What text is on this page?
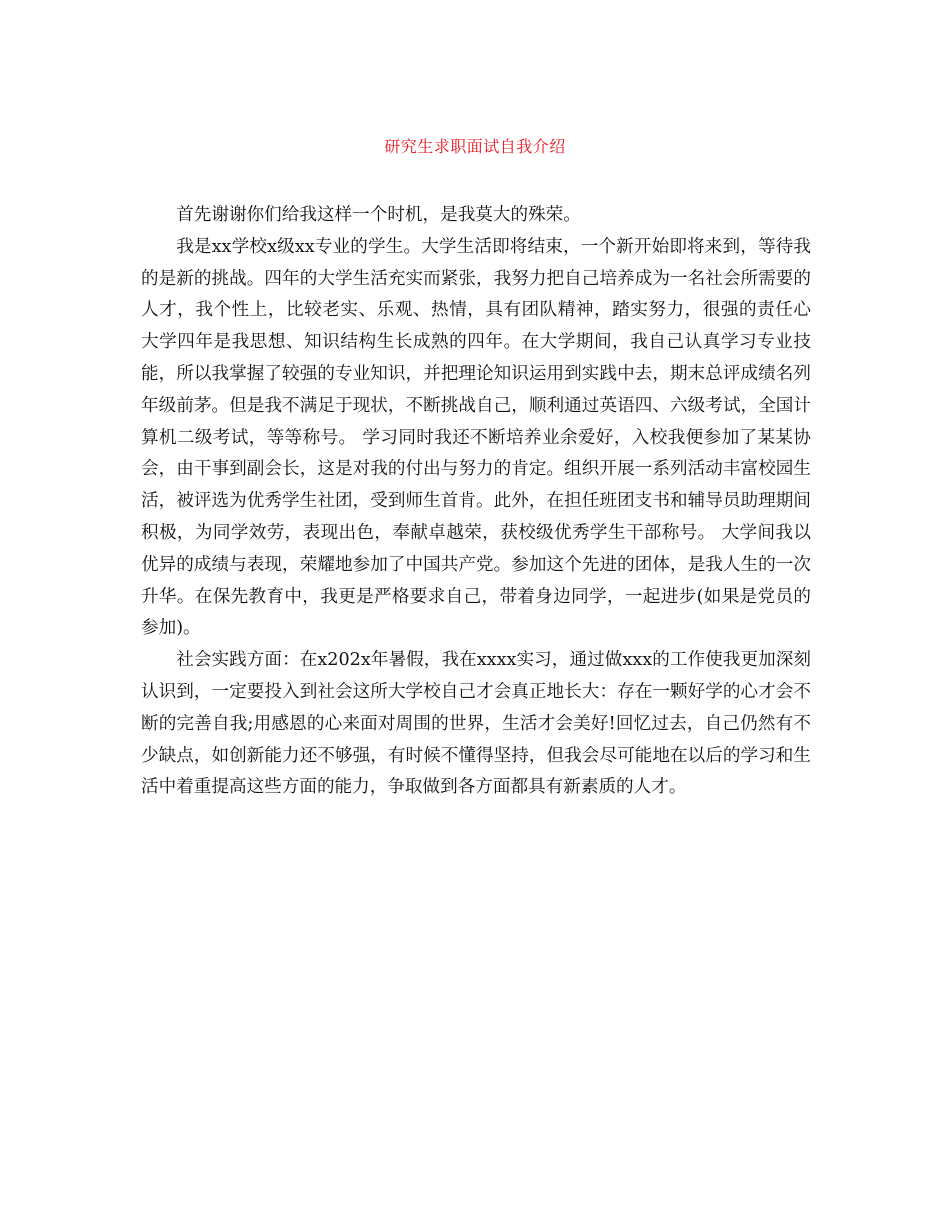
研究生求职面试自我介绍

首先谢谢你们给我这样一个时机，是我莫大的殊荣。

我是xx学校x级xx专业的学生。大学生活即将结束，一个新开始即将来到，等待我的是新的挑战。四年的大学生活充实而紧张，我努力把自己培养成为一名社会所需要的人才，我个性上，比较老实、乐观、热情，具有团队精神，踏实努力，很强的责任心 大学四年是我思想、知识结构生长成熟的四年。在大学期间，我自己认真学习专业技能，所以我掌握了较强的专业知识，并把理论知识运用到实践中去，期末总评成绩名列年级前茅。但是我不满足于现状，不断挑战自己，顺利通过英语四、六级考试，全国计算机二级考试，等等称号。 学习同时我还不断培养业余爱好，入校我便参加了某某协会，由干事到副会长，这是对我的付出与努力的肯定。组织开展一系列活动丰富校园生活，被评选为优秀学生社团，受到师生首肯。此外，在担任班团支书和辅导员助理期间积极，为同学效劳，表现出色，奉献卓越荣，获校级优秀学生干部称号。 大学间我以优异的成绩与表现，荣耀地参加了中国共产党。参加这个先进的团体，是我人生的一次升华。在保先教育中，我更是严格要求自己，带着身边同学，一起进步(如果是党员的参加)。

社会实践方面：在x202x年暑假，我在xxxx实习，通过做xxx的工作使我更加深刻认识到，一定要投入到社会这所大学校自己才会真正地长大：存在一颗好学的心才会不断的完善自我;用感恩的心来面对周围的世界，生活才会美好!回忆过去，自己仍然有不少缺点，如创新能力还不够强，有时候不懂得坚持，但我会尽可能地在以后的学习和生活中着重提高这些方面的能力，争取做到各方面都具有新素质的人才。
